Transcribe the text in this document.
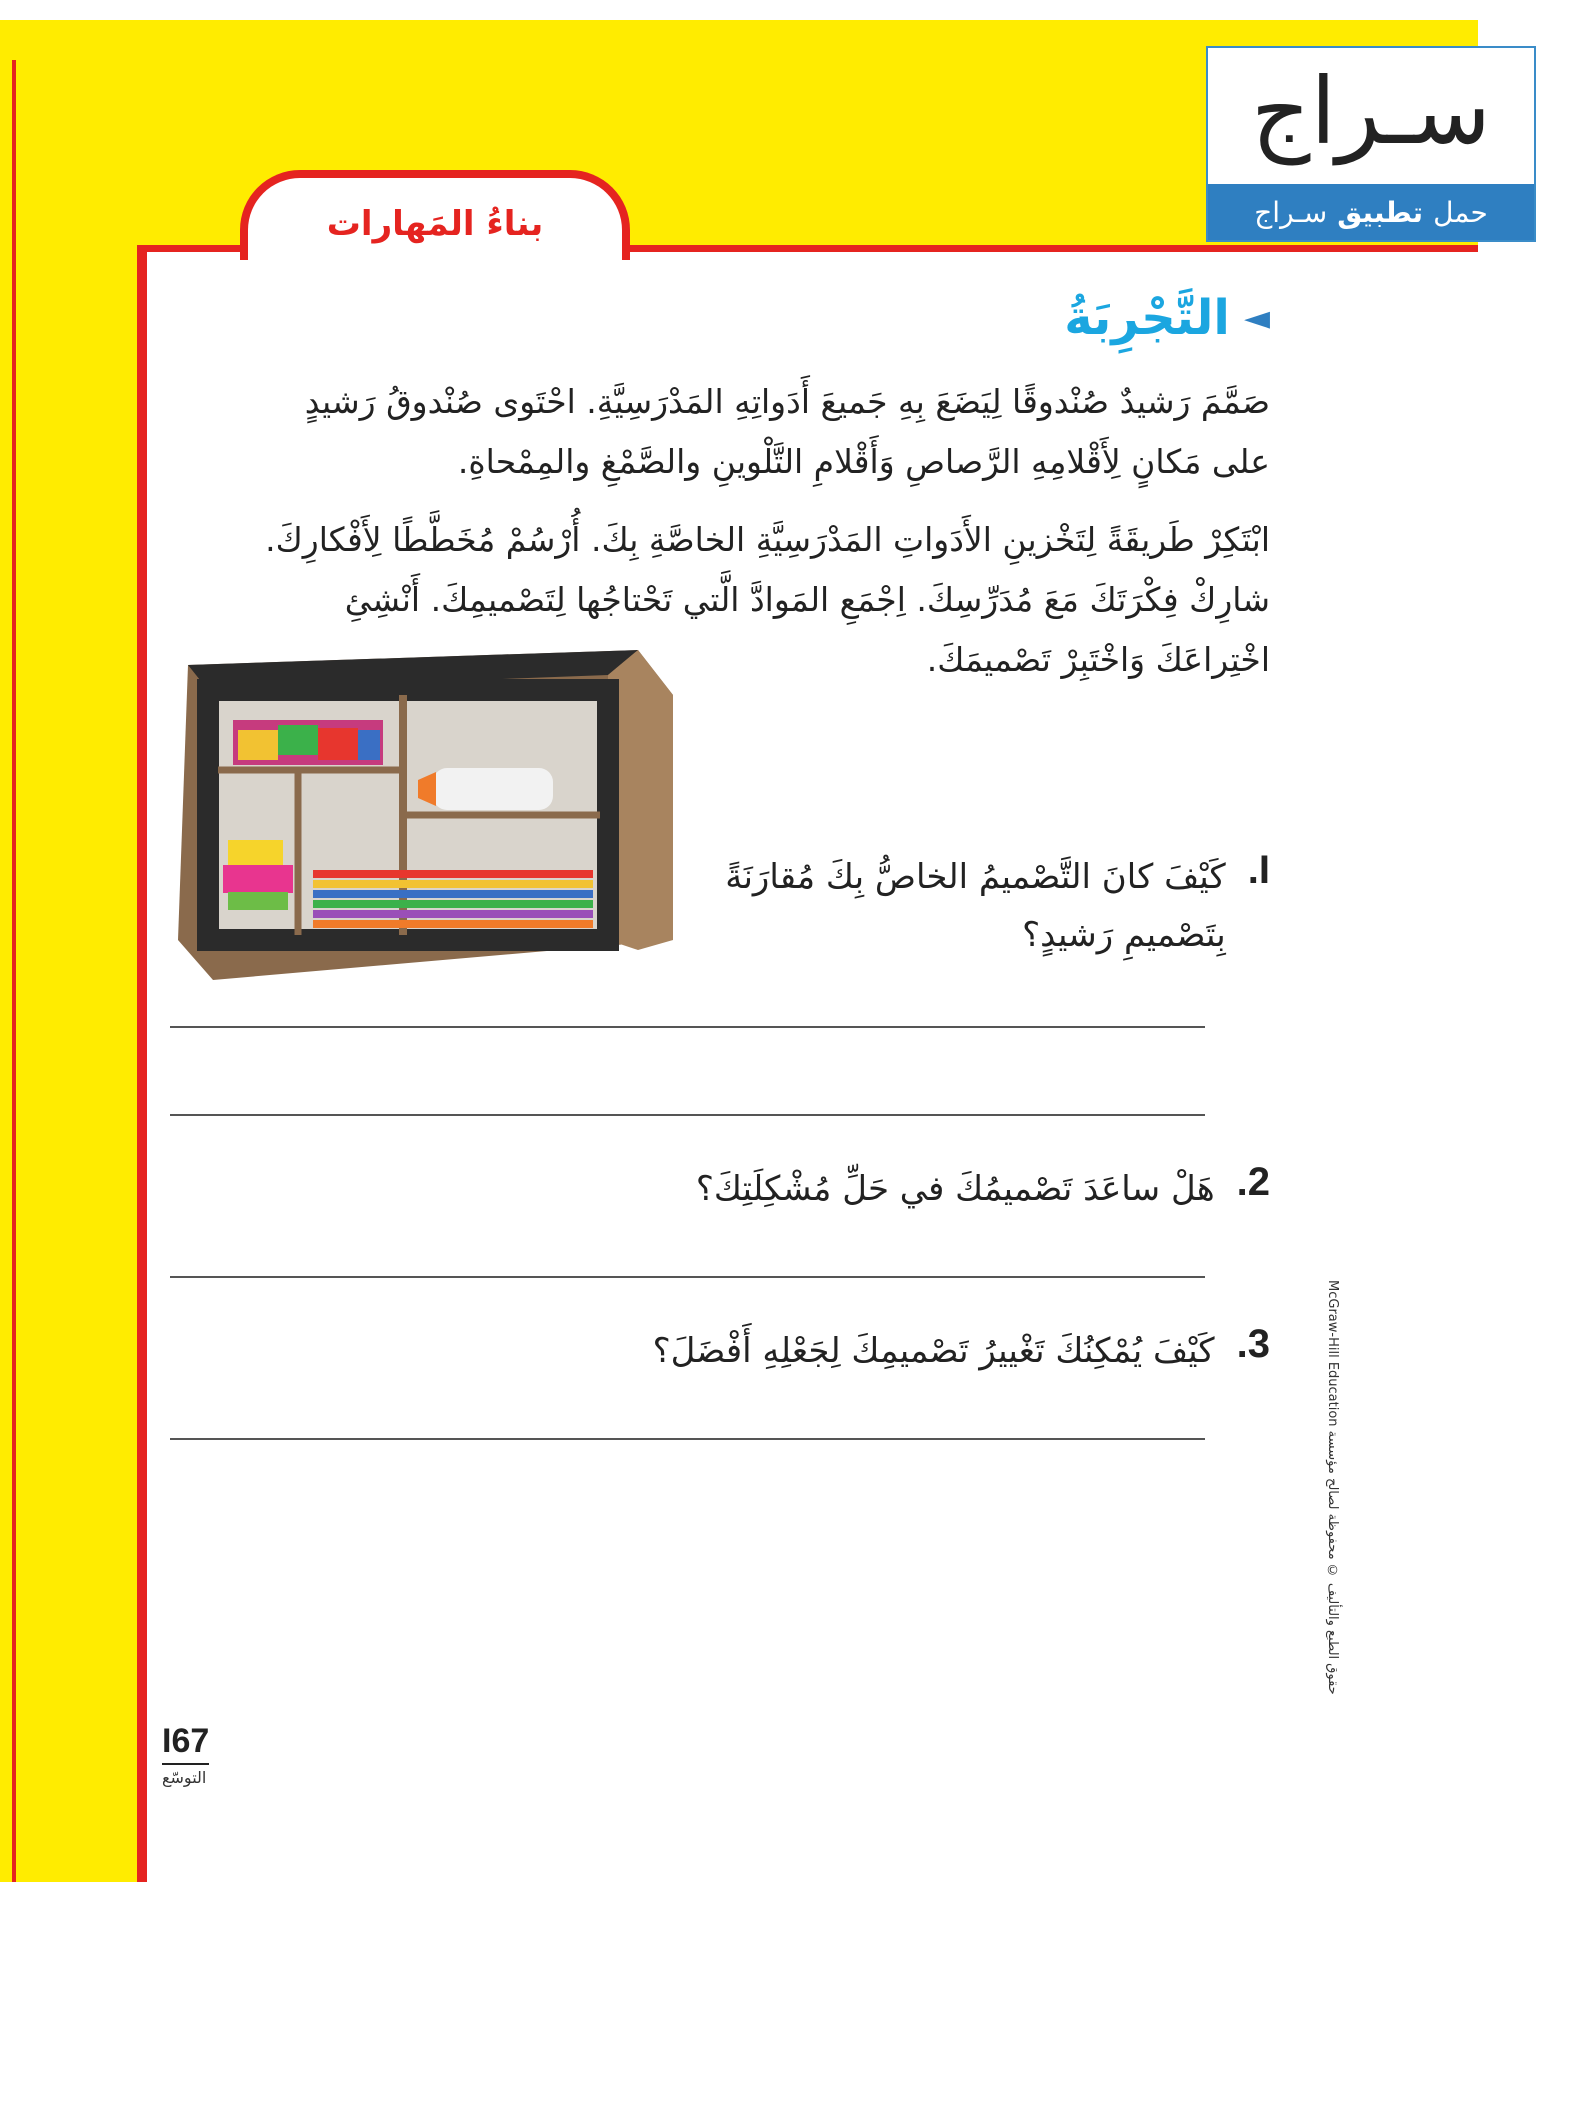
بناءُ المَهارات
سـراج
حمل
تطبيق
سـراج
◄
التَّجْرِبَةُ
صَمَّمَ رَشيدٌ صُنْدوقًا لِيَضَعَ بِهِ جَميعَ أَدَواتِهِ المَدْرَسِيَّةِ. احْتَوى صُنْدوقُ رَشيدٍ على مَكانٍ لِأَقْلامِهِ الرَّصاصِ وَأَقْلامِ التَّلْوينِ والصَّمْغِ والمِمْحاةِ.
ابْتَكِرْ طَريقَةً لِتَخْزينِ الأَدَواتِ المَدْرَسِيَّةِ الخاصَّةِ بِكَ. أُرْسُمْ مُخَطَّطًا لِأَفْكارِكَ. شارِكْ فِكْرَتَكَ مَعَ مُدَرِّسِكَ. اِجْمَعِ المَوادَّ الَّتي تَحْتاجُها لِتَصْميمِكَ. أَنْشِئِ اخْتِراعَكَ وَاخْتَبِرْ تَصْميمَكَ.
I.
كَيْفَ كانَ التَّصْميمُ الخاصُّ بِكَ مُقارَنَةً بِتَصْميمِ رَشيدٍ؟
2.
هَلْ ساعَدَ تَصْميمُكَ في حَلِّ مُشْكِلَتِكَ؟
3.
كَيْفَ يُمْكِنُكَ تَغْييرُ تَصْميمِكَ لِجَعْلِهِ أَفْضَلَ؟
I67
التوسّع
McGraw-Hill Education حقوق الطبع والتأليف © محفوظة لصالح مؤسسة
